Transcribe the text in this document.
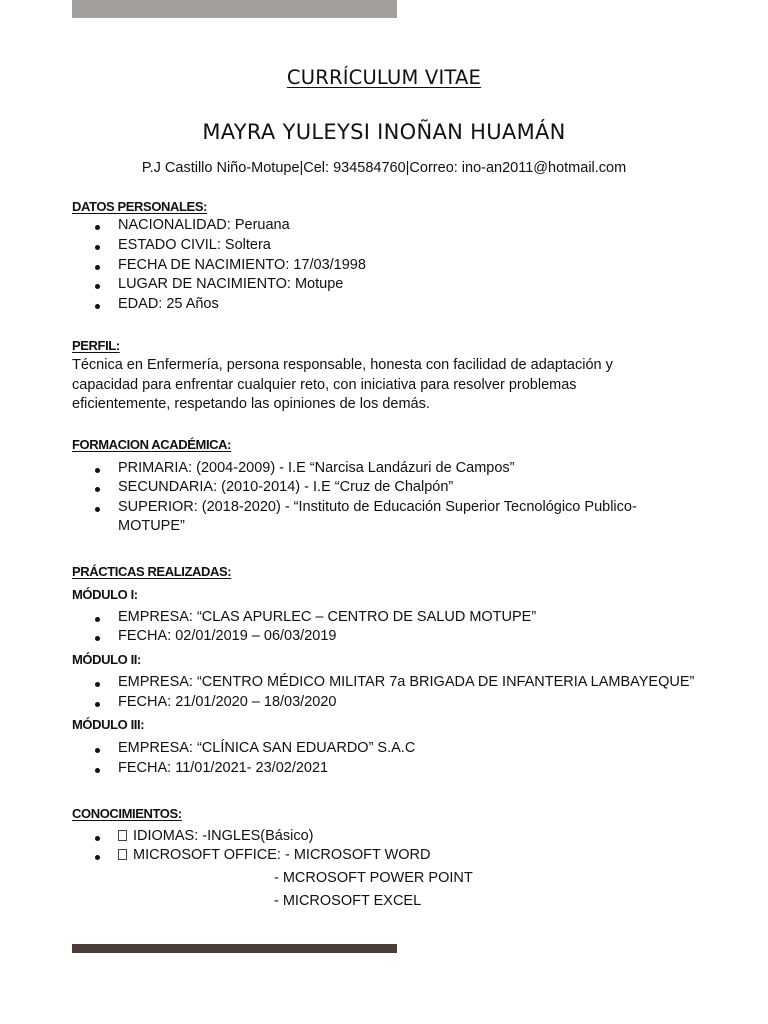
CURRÍCULUM VITAE
MAYRA YULEYSI INOÑAN HUAMÁN
P.J Castillo Niño-Motupe|Cel: 934584760|Correo: ino-an2011@hotmail.com
DATOS PERSONALES:
NACIONALIDAD: Peruana
ESTADO CIVIL: Soltera
FECHA DE NACIMIENTO: 17/03/1998
LUGAR DE NACIMIENTO: Motupe
EDAD: 25 Años
PERFIL:
Técnica en Enfermería, persona responsable, honesta con facilidad de adaptación y
capacidad para enfrentar cualquier reto, con iniciativa para resolver problemas
eficientemente, respetando las opiniones de los demás.
FORMACION ACADÉMICA:
PRIMARIA: (2004-2009) - I.E “Narcisa Landázuri de Campos”
SECUNDARIA: (2010-2014) - I.E “Cruz de Chalpón”
SUPERIOR: (2018-2020) - “Instituto de Educación Superior Tecnológico Publico-
MOTUPE”
PRÁCTICAS REALIZADAS:
MÓDULO I:
EMPRESA: “CLAS APURLEC – CENTRO DE SALUD MOTUPE”
FECHA: 02/01/2019 – 06/03/2019
MÓDULO II:
EMPRESA: “CENTRO MÉDICO MILITAR 7a BRIGADA DE INFANTERIA LAMBAYEQUE”
FECHA: 21/01/2020 – 18/03/2020
MÓDULO III:
EMPRESA: “CLÍNICA SAN EDUARDO” S.A.C
FECHA: 11/01/2021- 23/02/2021
CONOCIMIENTOS:
IDIOMAS: -INGLES(Básico)
MICROSOFT OFFICE: - MICROSOFT WORD
- MCROSOFT POWER POINT
- MICROSOFT EXCEL
